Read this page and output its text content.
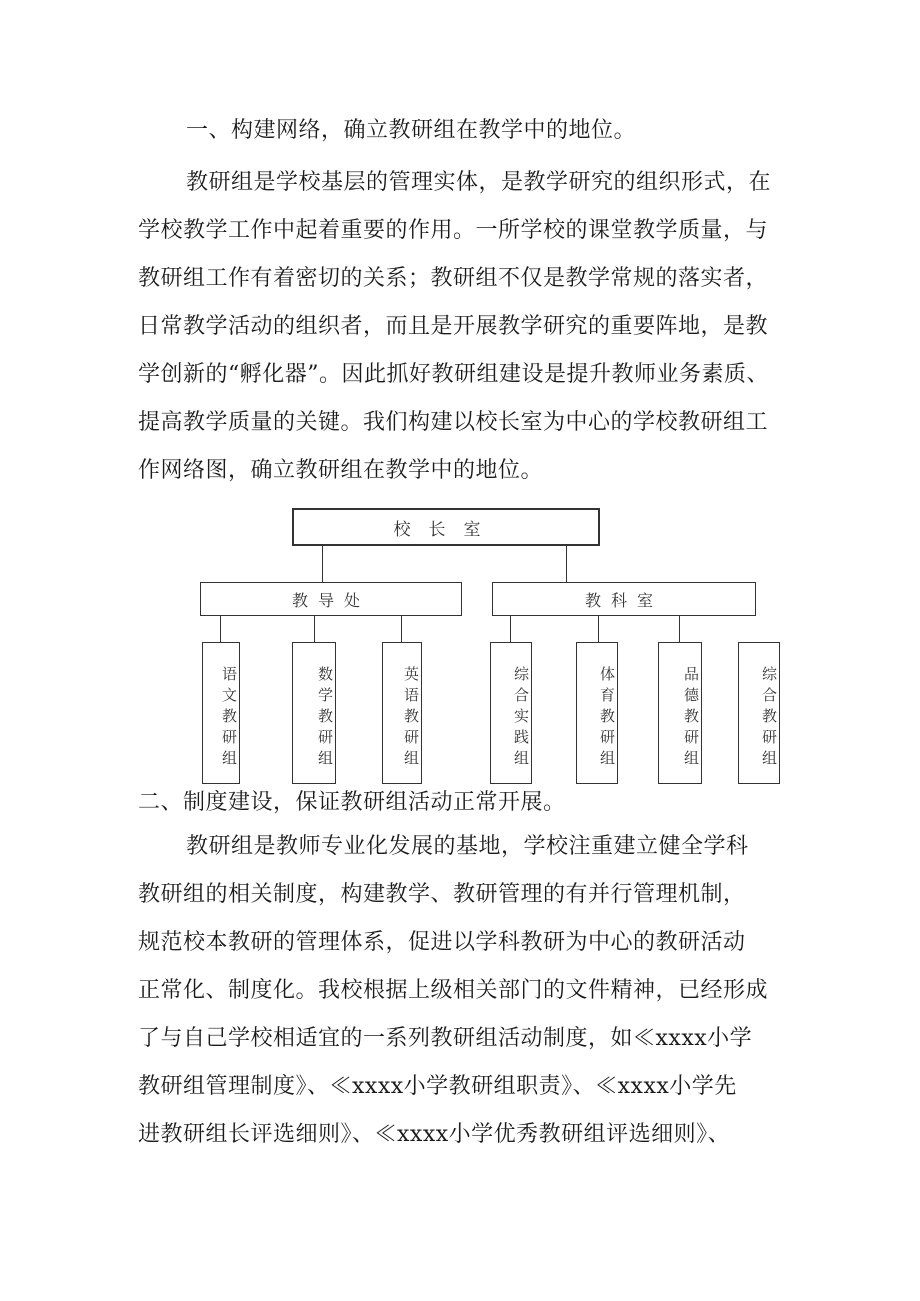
一、构建网络，确立教研组在教学中的地位。
教研组是学校基层的管理实体，是教学研究的组织形式，在
学校教学工作中起着重要的作用。一所学校的课堂教学质量，与
教研组工作有着密切的关系；教研组不仅是教学常规的落实者，
日常教学活动的组织者，而且是开展教学研究的重要阵地，是教
学创新的“孵化器”。因此抓好教研组建设是提升教师业务素质、
提高教学质量的关键。我们构建以校长室为中心的学校教研组工
作网络图，确立教研组在教学中的地位。
校长室
教导处	教科室
语文教研组	数学教研组	英语教研组	综合实践组	体育教研组	品德教研组	综合教研组
二、制度建设，保证教研组活动正常开展。
教研组是教师专业化发展的基地，学校注重建立健全学科
教研组的相关制度，构建教学、教研管理的有并行管理机制，
规范校本教研的管理体系，促进以学科教研为中心的教研活动
正常化、制度化。我校根据上级相关部门的文件精神，已经形成
了与自己学校相适宜的一系列教研组活动制度，如≪xxxx小学
教研组管理制度》、≪xxxx小学教研组职责》、≪xxxx小学先
进教研组长评选细则》、≪xxxx小学优秀教研组评选细则》、
